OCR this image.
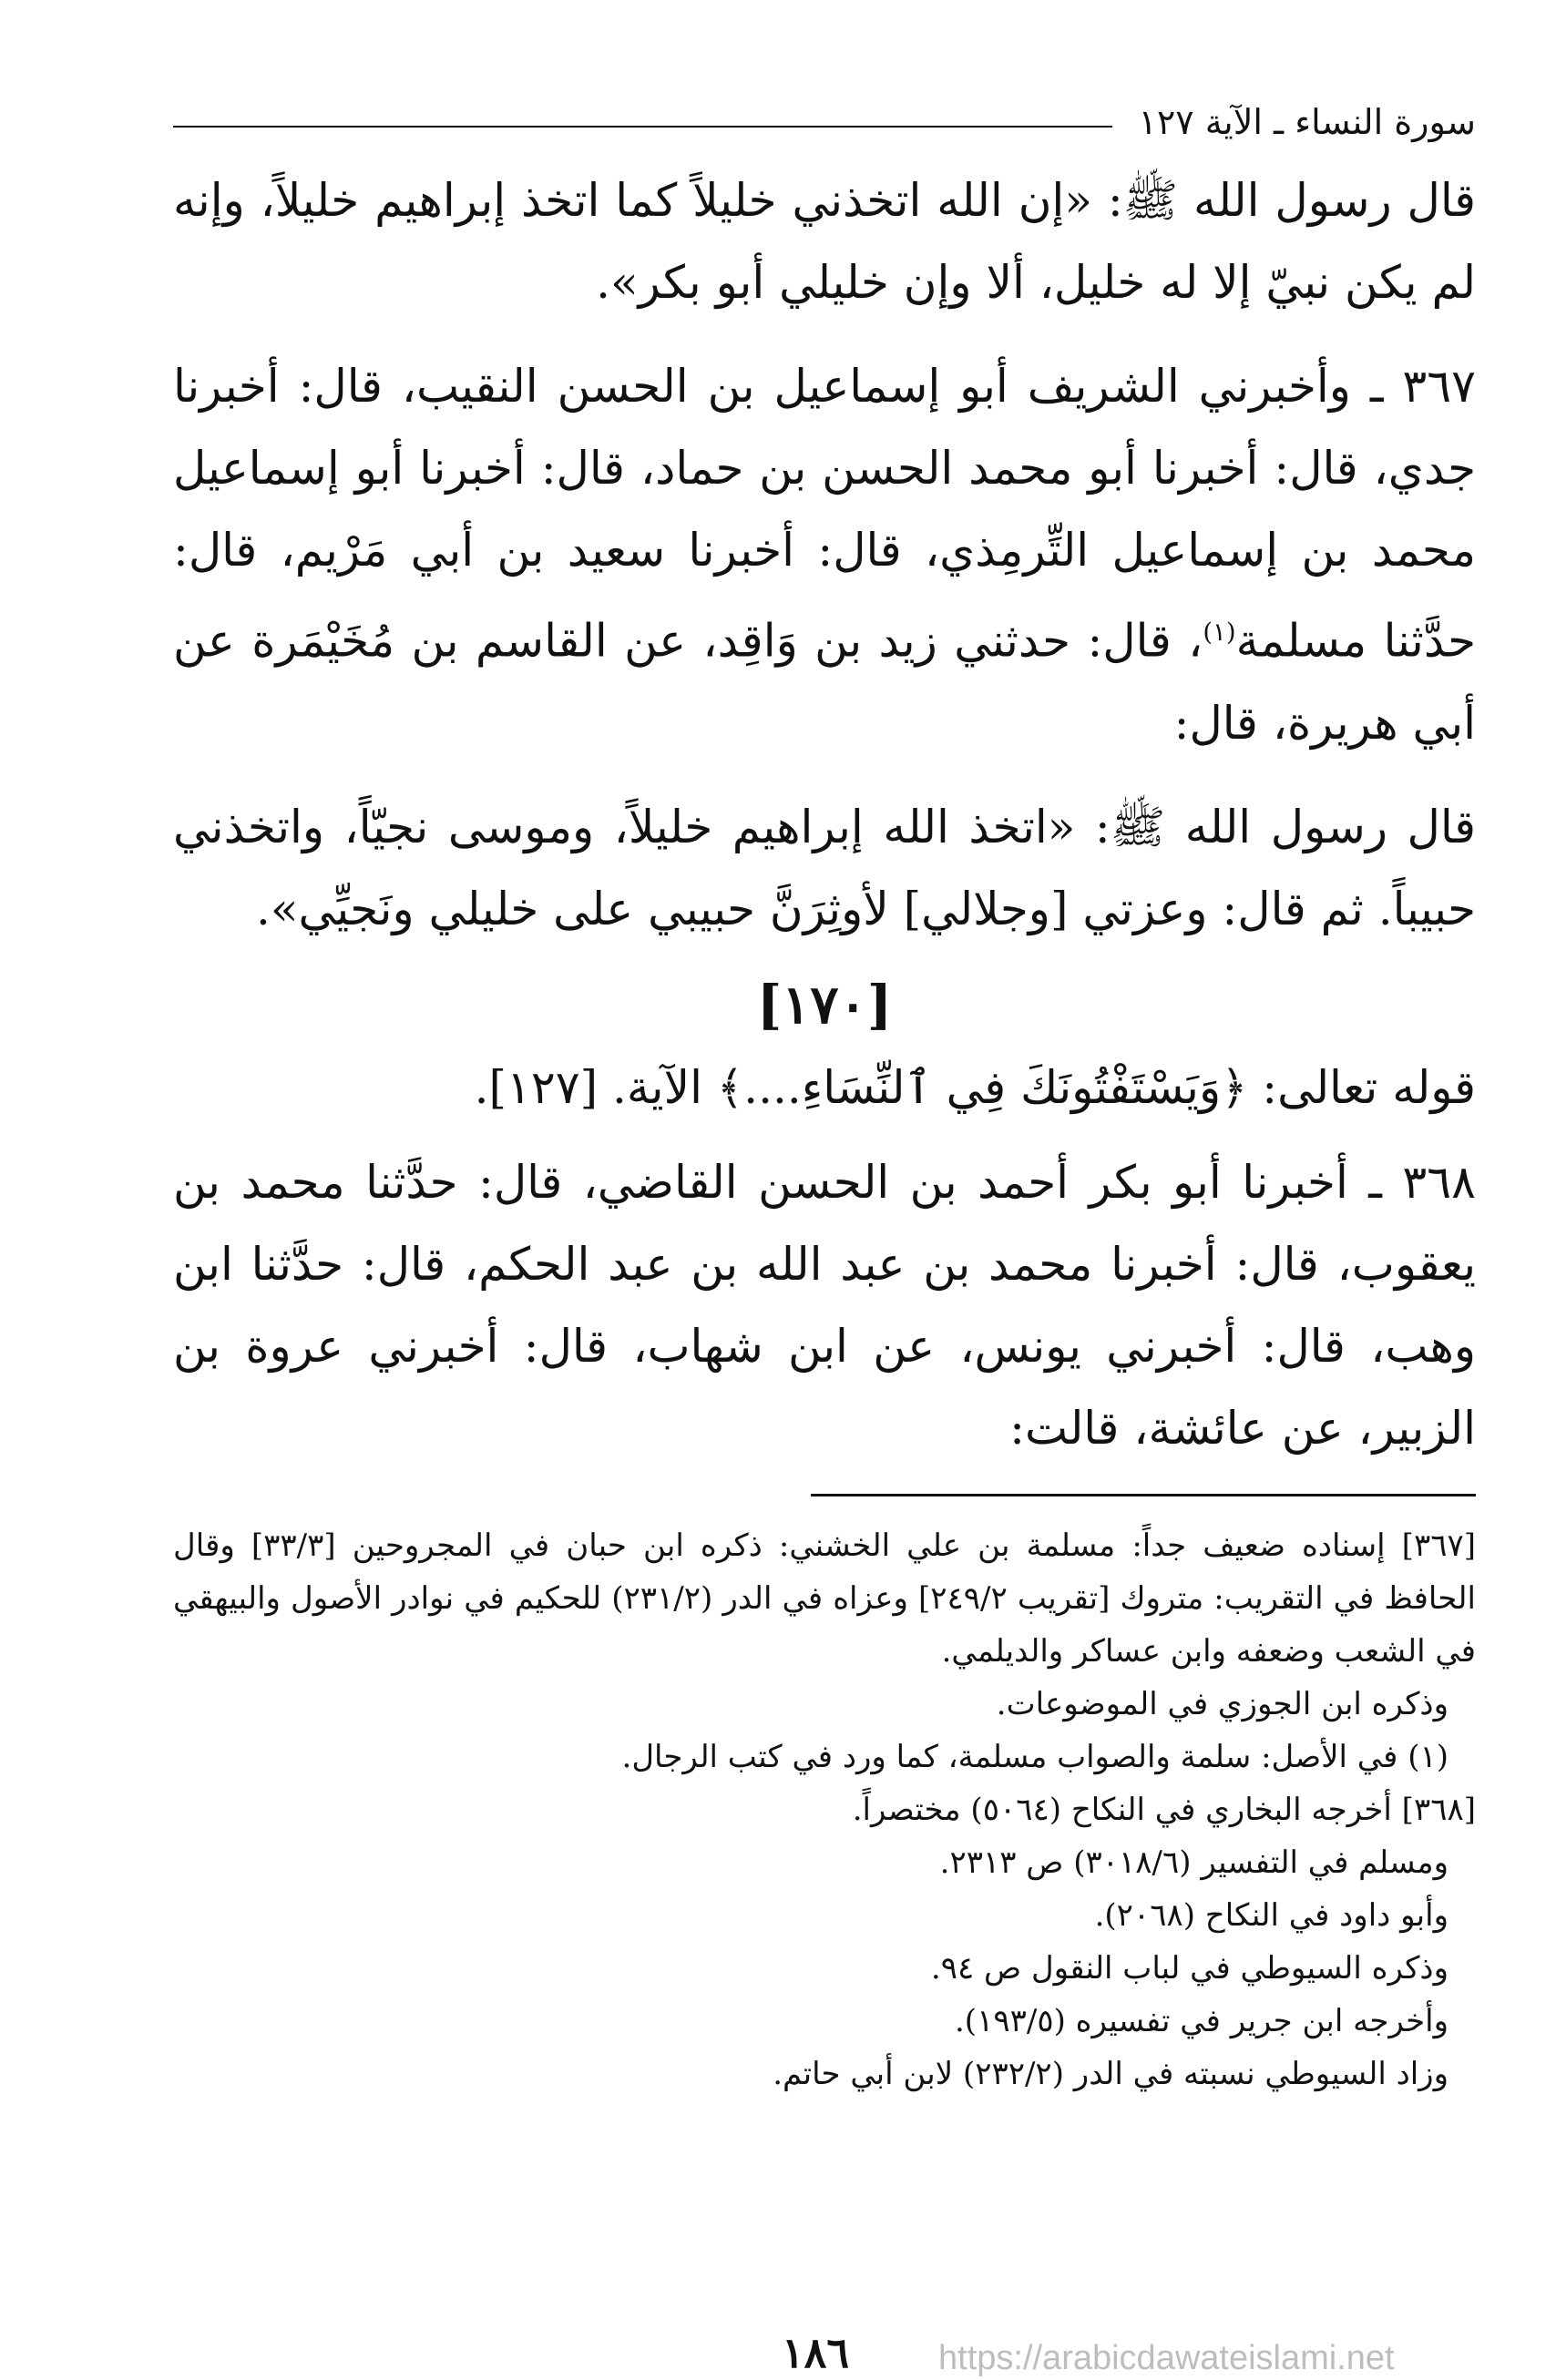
سورة النساء ـ الآية ١٢٧

قال رسول الله ﷺ: «إن الله اتخذني خليلاً كما اتخذ إبراهيم خليلاً، وإنه لم يكن نبيّ إلا له خليل، ألا وإن خليلي أبو بكر».

٣٦٧ ـ وأخبرني الشريف أبو إسماعيل بن الحسن النقيب، قال: أخبرنا جدي، قال: أخبرنا أبو محمد الحسن بن حماد، قال: أخبرنا أبو إسماعيل محمد بن إسماعيل التِّرمِذي، قال: أخبرنا سعيد بن أبي مَرْيم، قال: حدَّثنا مسلمة$^{(١)}$، قال: حدثني زيد بن وَاقِد، عن القاسم بن مُخَيْمَرة عن أبي هريرة، قال:

قال رسول الله ﷺ: «اتخذ الله إبراهيم خليلاً، وموسى نجيّاً، واتخذني حبيباً. ثم قال: وعزتي [وجلالي] لأوثِرَنَّ حبيبي على خليلي ونَجيِّي».

[١٧٠]

قوله تعالى: ﴿وَيَسْتَفْتُونَكَ فِي ٱلنِّسَاءِ....﴾ الآية. [١٢٧].

٣٦٨ ـ أخبرنا أبو بكر أحمد بن الحسن القاضي، قال: حدَّثنا محمد بن يعقوب، قال: أخبرنا محمد بن عبد الله بن عبد الحكم، قال: حدَّثنا ابن وهب، قال: أخبرني يونس، عن ابن شهاب، قال: أخبرني عروة بن الزبير، عن عائشة، قالت:

[٣٦٧] إسناده ضعيف جداً: مسلمة بن علي الخشني: ذكره ابن حبان في المجروحين [٣٣/٣] وقال الحافظ في التقريب: متروك [تقريب ٢٤٩/٢] وعزاه في الدر (٢٣١/٢) للحكيم في نوادر الأصول والبيهقي في الشعب وضعفه وابن عساكر والديلمي.

وذكره ابن الجوزي في الموضوعات.

(١) في الأصل: سلمة والصواب مسلمة، كما ورد في كتب الرجال.

[٣٦٨] أخرجه البخاري في النكاح (٥٠٦٤) مختصراً.

ومسلم في التفسير (٣٠١٨/٦) ص ٢٣١٣.

وأبو داود في النكاح (٢٠٦٨).

وذكره السيوطي في لباب النقول ص ٩٤.

وأخرجه ابن جرير في تفسيره (١٩٣/٥).

وزاد السيوطي نسبته في الدر (٢٣٢/٢) لابن أبي حاتم.

١٨٦	https://arabicdawateislami.net
